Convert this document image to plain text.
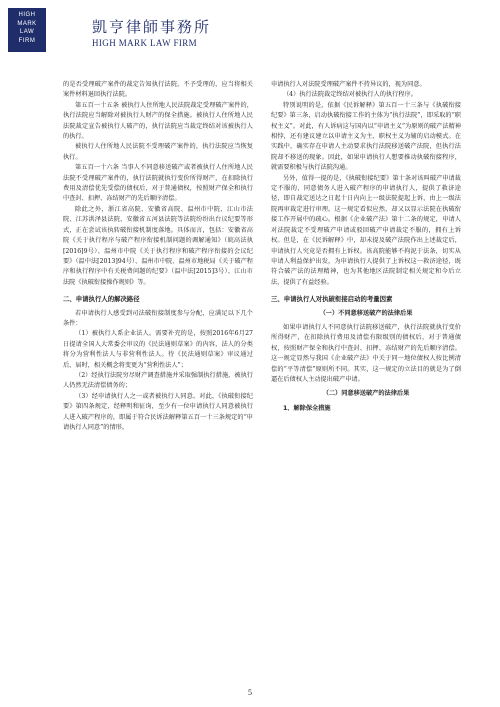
HIGH
MARK
LAW
FIRM
凱亨律師事務所
HIGH MARK LAW FIRM

的是否受理破产案件的裁定告知执行法院。不予受理的，应当将相关案件材料退回执行法院。

第五百一十五条 被执行人住所地人民法院裁定受理破产案件的，执行法院应当解除对被执行人财产的保全措施。被执行人住所地人民法院裁定宣告被执行人破产的，执行法院应当裁定终结对该被执行人的执行。

被执行人住所地人民法院不受理破产案件的，执行法院应当恢复执行。

第五百一十六条 当事人不同意移送破产或者被执行人住所地人民法院不受理破产案件的，执行法院就执行变价所得财产，在扣除执行费用及清偿优先受偿的债权后，对于普通债权，按照财产保全和执行中查封、扣押、冻结财产的先后顺序清偿。

除此之外，浙江省高院、安徽省高院、温州市中院、江山市法院、江苏洪泽县法院、安徽省五河县法院等法院纷纷出台议纪要等形式，正在尝试该执转破衔接机制度落地。具体而言，包括：安徽省高院《关于执行程序与破产程序衔接机制问题的调解通知》（皖高法执[2016]9号）、温州市中院《关于执行程序和破产程序衔接的会议纪要》（温中法[2013]94号）、温州市中院、温州市地税局《关于破产程序和执行程序中有关税费问题的纪要》（温中法[2015]3号）、江山市法院《执破衔接操作规则》等。

二、申请执行人的解决路径

若申请执行人感受到司法破衔接制度参与分配，应满足以下几个条件：

（1）被执行人系企业法人。需要补充的是，按照2016年6月27日提请全国人大常委会审议的《民法通则草案》的内容，法人的分类将分为营利性法人与非营利性法人。待《民法通则草案》审议通过后，届时，相关概念将变更为“营利性法人”；

（2）经执行法院穷尽财产调查措施并采取强制执行措施，被执行人仍然无法清偿债务的；

（3）经申请执行人之一或者被执行人同意。对此，《执破衔接纪要》第四条规定，经释明和征询，至少有一位申请执行人同意被执行人进入破产程序的，即属于符合民诉法解释第五百一十三条规定的“申请执行人同意”的情形。

申请执行人对法院受理破产案件不持异议的，视为同意。

（4）执行法院裁定终结对被执行人的执行程序。

特别说明的是，依据《民诉解释》第五百一十三条与《执破衔接纪要》第三条，启动执破衔接工作的主体为“执行法院”，即采取的“职权主义”。对此，有人诉病这与国内以“申请主义”为原则的破产法精神相悖，还有建议建立以申请主义为主、职权主义为辅的启动模式。在实践中，确实存在申请人主动要求执行法院移送破产法院，但执行法院却不移送的现象。因此，如果申请执行人想要推动执破衔接程序，就需要积极与执行法院沟通。

另外，值得一提的是，《执破衔接纪要》第十条对该叫破产申请裁定不服的，同意债务人进入破产程序的申请执行人，提供了救济途径，即自裁定送达之日起十日内向上一级法院提起上诉，由上一级法院再审裁定进行审理。这一规定看似应然，却又以显示法院在执破衔接工作开展中的疏心。根据《企业破产法》第十二条的规定，申请人对法院裁定不受理破产申请或驳回破产申请裁定不服的，拥有上诉权。但是，在《民诉解释》中，却未提及破产法院作出上述裁定后，申请执行人究竟是否拥有上诉权。该高院能够不拘泥于法条，切实从申请人利益保护出发，为申请执行人提供了上诉权这一救济途径，既符合破产法的法理精神，也为其他地区法院制定相关规定和今后立法，提供了有益经验。

三、申请执行人对执破衔接启动的考量因素
（一）不同意移送破产的法律后果

如果申请执行人不同意执行法院移送破产，执行法院就执行变价所得财产，在扣除执行费用及清偿有限级别的债权后，对于普通债权，按照财产保全和执行中查封、扣押、冻结财产的先后顺序清偿。这一规定显然与我国《企业破产法》中关于同一地位债权人按比例清偿的“平等清偿”原则所不同。其实，这一规定的立法目的就是为了倒逼在后债权人主动提出破产申请。

（二）同意移送破产的法律后果

1、解除保全措施

5
